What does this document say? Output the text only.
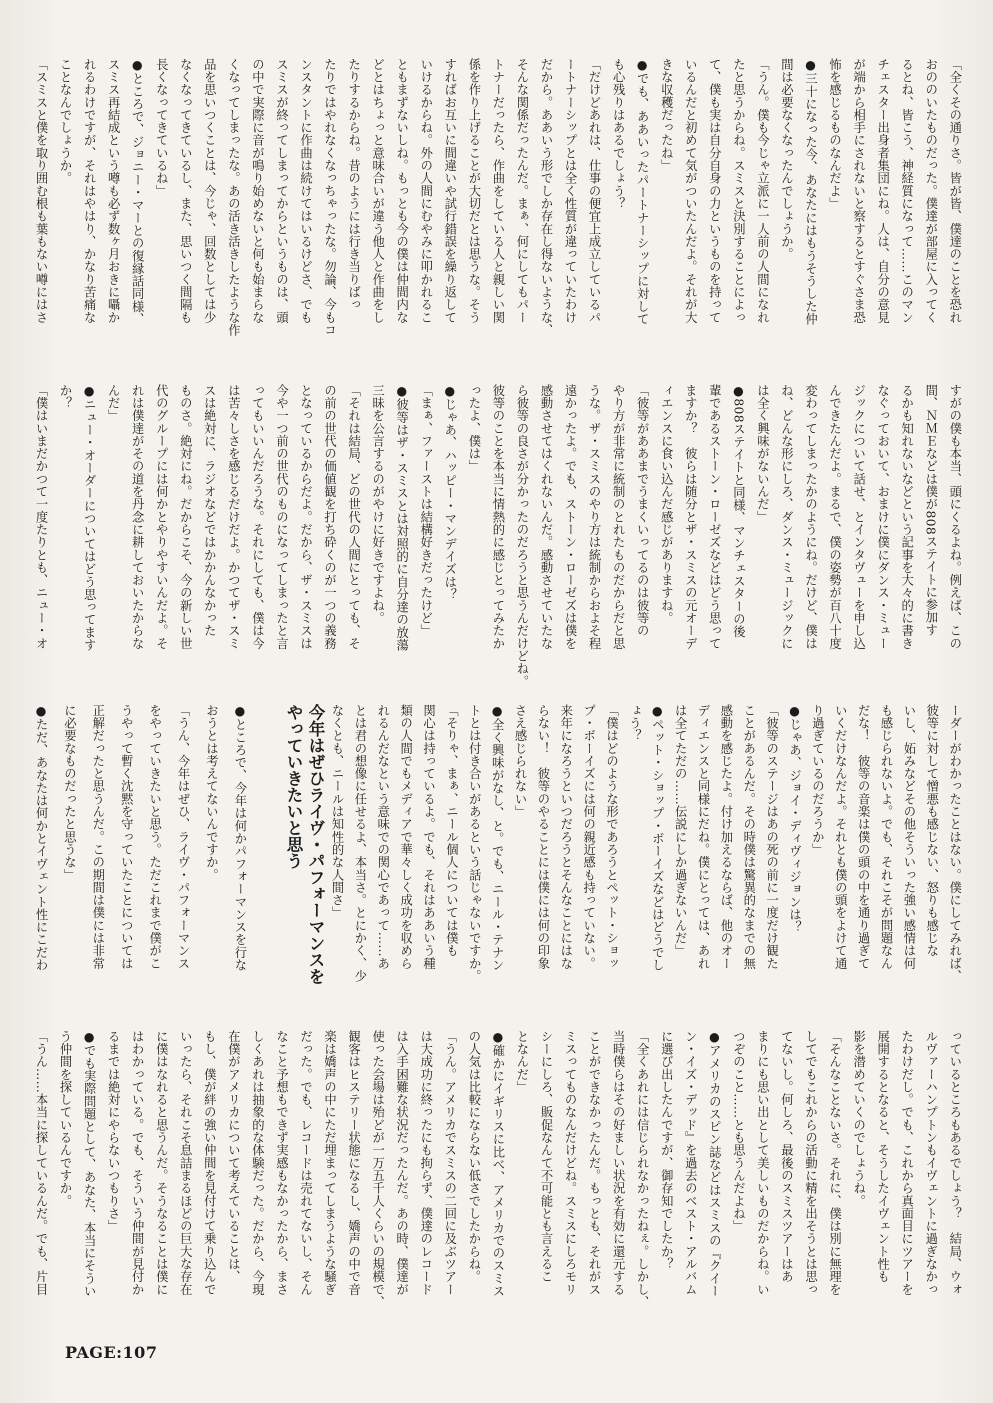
「全くその通りさ。皆が皆、僕達のことを恐れ
おののいたものだった。僕達が部屋に入ってく
るとね、皆こう、神経質になって……このマン
チェスター出身者集団にね。人は、自分の意見
が端から相手にされないと察するとすぐさま恐
怖を感じるものなんだよ」
●三十になった今、あなたにはもうそうした仲
間は必要なくなったんでしょうか。
「うん。僕も今じゃ立派に一人前の人間になれ
たと思うからね。スミスと決別することによっ
て、僕も実は自分自身の力というものを持って
いるんだと初めて気がついたんだよ。それが大
きな収穫だったね」
●でも、ああいったパートナーシップに対して
も心残りはあるでしょう？
「だけどあれは、仕事の便宜上成立しているパ
ートナーシップとは全く性質が違っていたわけ
だから。ああいう形でしか存在し得ないような、
そんな関係だったんだ。まぁ、何にしてもパー
トナーだったら、作曲をしている人と親しい関
係を作り上げることが大切だとは思うな。そう
すればお互いに間違いや試行錯誤を繰り返して
いけるからね。外の人間にむやみに叩かれるこ
ともまずないしね。もっとも今の僕は仲間内な
どとはちょっと意味合いが違う他人と作曲をし
たりするからね。昔のようには行き当りばっ
たりではやれなくなっちゃったな。勿論、今もコ
ンスタントに作曲は続けてはいるけどさ、でも
スミスが終ってしまってからというものは、頭
の中で実際に音が鳴り始めないと何も始まらな
くなってしまったな。あの活き活きしたような作
品を思いつくことは、今じゃ、回数としては少
なくなってきているし、また、思いつく間隔も
長くなってきているね」
●ところで、ジョニー・マーとの復縁話同様、
スミス再結成という噂も必ず数ヶ月おきに囁か
れるわけですが、それはやはり、かなり苦痛な
ことなんでしょうか。
「スミスと僕を取り囲む根も葉もない噂にはさ
すがの僕も本当、頭にくるよね。例えば、この
間、ＮＭＥなどは僕が808ステイトに参加す
るかも知れないなどという記事を大々的に書き
なぐっておいて、おまけに僕にダンス・ミュー
ジックについて話せ、とインタヴューを申し込
んできたんだよ。まるで、僕の姿勢が百八十度
変わってしまったかのようにね。だけど、僕は
ね、どんな形にしろ、ダンス・ミュージックに
は全く興味がないんだ」
●808ステイトと同様、マンチェスターの後
輩であるストーン・ローゼズなどはどう思って
ますか？　彼らは随分とザ・スミスの元オーデ
ィエンスに食い込んだ感じがありますね。
「彼等がああまでうまくいってるのは彼等の
やり方が非常に統制のとれたものだからだと思
うな。ザ・スミスのやり方は統制からおよそ程
遠かったよ。でも、ストーン・ローゼズは僕を
感動させてはくれないんだ。感動させていたな
ら彼等の良さが分かったのだろうと思うんだけどね。
彼等のことを本当に情熱的に感じとってみたか
ったよ、僕は」
●じゃあ、ハッピー・マンデイズは？
「まぁ、ファーストは結構好きだったけど」
●彼等はザ・スミスとは対照的に自分達の放蕩
三昧を公言するのがやけに好きですよね。
「それは結局、どの世代の人間にとっても、そ
の前の世代の価値観を打ち砕くのが一つの義務
となっているからだよ。だから、ザ・スミスは
今や一つ前の世代のものになってしまったと言
ってもいいんだろうな。それにしても、僕は今
は苦々しさを感じるだけだよ。かつてザ・スミ
スは絶対に、ラジオなどではかかんなかった
ものさ。絶対にね。だからこそ、今の新しい世
代のグループには何かとやりやすいんだよ。そ
れは僕達がその道を丹念に耕しておいたからな
んだ」
●ニュー・オーダーについてはどう思ってます
か？
「僕はいまだかつて一度たりとも、ニュー・オ
ーダーがわかったことはない。僕にしてみれば、
彼等に対して憎悪も感じない、怒りも感じな
いし、妬みなどその他そういった強い感情は何
も感じられないよ。でも、それこそが問題なん
だな！　彼等の音楽は僕の頭の中を通り過ぎて
いくだけなんだよ。それとも僕の頭をよけて通
り過ぎているのだろうか」
●じゃあ、ジョイ・ディヴィジョンは？
「彼等のステージはあの死の前に一度だけ観た
ことがあるんだ。その時僕は驚異的なまでの無
感動を感じたよ。付け加えるならば、他のオー
ディエンスと同様にだね。僕にとっては、あれ
は全てただの……伝説にしか過ぎないんだ」
●ペット・ショップ・ボーイズなどはどうでし
ょう？
「僕はどのような形であろうとペット・ショッ
プ・ボーイズには何の親近感も持っていない。
来年になろうといつだろうとそんなことにはな
らない！　彼等のやることには僕には何の印象
さえ感じられない」
●全く興味がなし、と。でも、ニール・テナン
トとは付き合いがあるという話じゃないですか。
「そりゃ、まぁ、ニール個人については僕も
関心は持っているよ。でも、それはああいう種
類の人間でもメディアで華々しく成功を収めら
れるんだなという意味での関心であって……あ
とは君の想像に任せるよ、本当さ。とにかく、少
なくとも、ニールは知性的な人間さ」
今年はぜひライヴ・パフォーマンスを
やっていきたいと思う
●ところで、今年は何かパフォーマンスを行な
おうとは考えてないんですか。
「うん、今年はぜひ、ライヴ・パフォーマンス
をやっていきたいと思う。ただこれまで僕がこ
うやって暫く沈黙を守っていたことについては
正解だったと思うんだ。この期間は僕には非常
に必要なものだったと思うな」
●ただ、あなたは何かとイヴェント性にこだわ
っているところもあるでしょう？　結局、ウォ
ルヴァーハンプトンもイヴェントに過ぎなかっ
たわけだし。でも、これから真面目にツアーを
展開するとなると、そうしたイヴェント性も
影を潜めていくのでしょうね。
「そんなことないさ。それに、僕は別に無理を
してでもこれからの活動に精を出そうとは思っ
てないし。何しろ、最後のスミスツアーはあ
まりにも思い出として美しいものだからね。い
つぞのこと……とも思うんだよね」
●アメリカのスピン誌などはスミスの『クイー
ン・イズ・デッド』を過去のベスト・アルバム
に選び出したんですが、御存知でしたか？
「全くあれには信じられなかったねぇ。しかし、
当時僕らはその好ましい状況を有効に還元する
ことができなかったんだ。もっとも、それがス
ミスってものなんだけどね。スミスにしろモリ
シーにしろ、販促なんて不可能とも言えるこ
となんだ」
●確かにイギリスに比べ、アメリカでのスミス
の人気は比較にならない低さでしたからね。
「うん。アメリカでスミスの二回に及ぶツアー
は大成功に終ったにも拘らず、僕達のレコード
は入手困難な状況だったんだ。あの時、僕達が
使った会場は殆どが一万五千人くらいの規模で、
観客はヒステリー状態になるし、嬌声の中で音
楽は嬌声の中にただ埋まってしまうような騒ぎ
だった。でも、レコードは売れてないし、そん
なこと予想もできず実感もなかったから、まさ
しくあれは抽象的な体験だった。だから、今現
在僕がアメリカについて考えていることは、
もし、僕が絆の強い仲間を見付けて乗り込んで
いったら、それこそ息詰まるほどの巨大な存在
に僕はなれると思うんだ。そうなることは僕に
はわかっている。でも、そういう仲間が見付か
るまでは絶対にやらないつもりさ」
●でも実際問題として、あなた、本当にそうい
う仲間を探しているんですか。
「うん……本当に探しているんだ。でも、片目
PAGE:107
